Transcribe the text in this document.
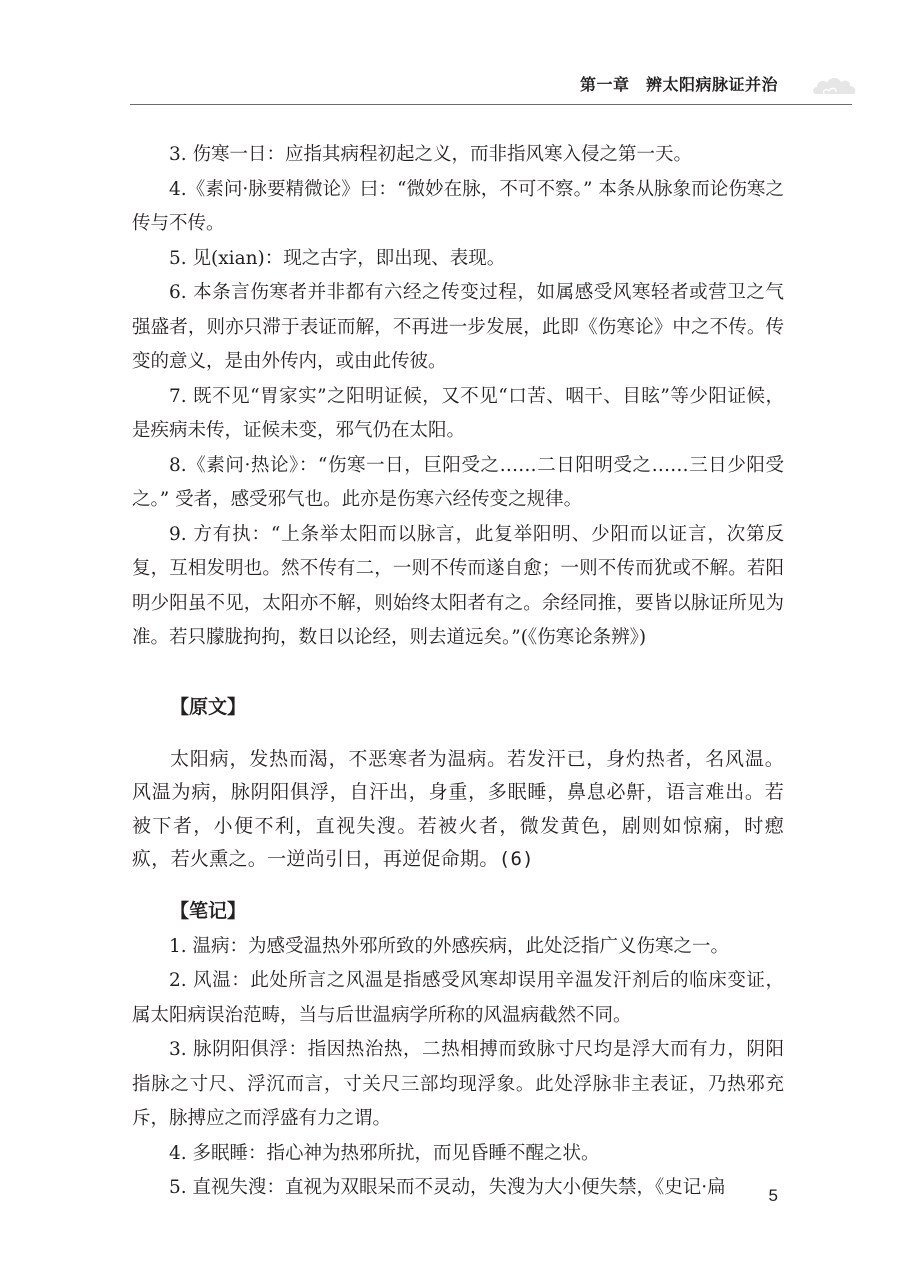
第一章　辨太阳病脉证并治

3. 伤寒一日：应指其病程初起之义，而非指风寒入侵之第一天。

4.《素问·脉要精微论》曰：“微妙在脉，不可不察。” 本条从脉象而论伤寒之传与不传。

5. 见(xian)：现之古字，即出现、表现。

6. 本条言伤寒者并非都有六经之传变过程，如属感受风寒轻者或营卫之气强盛者，则亦只滞于表证而解，不再进一步发展，此即《伤寒论》中之不传。传变的意义，是由外传内，或由此传彼。

7. 既不见“胃家实”之阳明证候，又不见“口苦、咽干、目眩”等少阳证候，是疾病未传，证候未变，邪气仍在太阳。

8.《素问·热论》：“伤寒一日，巨阳受之……二日阳明受之……三日少阳受之。” 受者，感受邪气也。此亦是伤寒六经传变之规律。

9. 方有执：“上条举太阳而以脉言，此复举阳明、少阳而以证言，次第反复，互相发明也。然不传有二，一则不传而遂自愈；一则不传而犹或不解。若阳明少阳虽不见，太阳亦不解，则始终太阳者有之。余经同推，要皆以脉证所见为准。若只朦胧拘拘，数日以论经，则去道远矣。”(《伤寒论条辨》)

【原文】

太阳病，发热而渴，不恶寒者为温病。若发汗已，身灼热者，名风温。风温为病，脉阴阳俱浮，自汗出，身重，多眠睡，鼻息必鼾，语言难出。若被下者，小便不利，直视失溲。若被火者，微发黄色，剧则如惊痫，时瘛疭，若火熏之。一逆尚引日，再逆促命期。(6)

【笔记】

1. 温病：为感受温热外邪所致的外感疾病，此处泛指广义伤寒之一。

2. 风温：此处所言之风温是指感受风寒却误用辛温发汗剂后的临床变证，属太阳病误治范畴，当与后世温病学所称的风温病截然不同。

3. 脉阴阳俱浮：指因热治热，二热相搏而致脉寸尺均是浮大而有力，阴阳指脉之寸尺、浮沉而言，寸关尺三部均现浮象。此处浮脉非主表证，乃热邪充斥，脉搏应之而浮盛有力之谓。

4. 多眠睡：指心神为热邪所扰，而见昏睡不醒之状。

5. 直视失溲：直视为双眼呆而不灵动，失溲为大小便失禁，《史记·扁	5
